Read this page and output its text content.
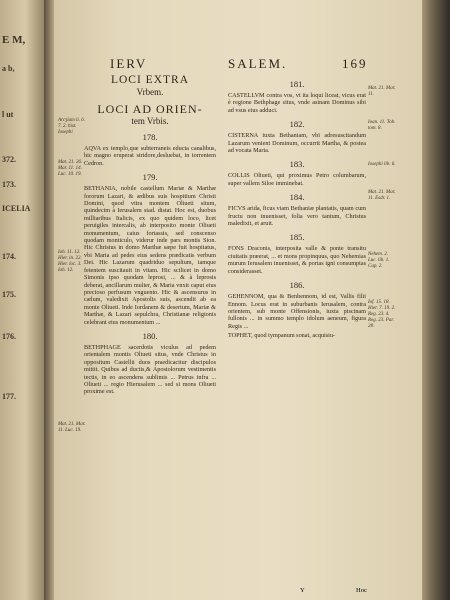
E M,
a b,
l ut
372.
173.
ICELIA
174.
175.
176.
177.
IERV	SALEM.	169
Arcʒiam li. 6. 7. 2. hist. Iosephi
Mat. 21. 26. Mar. 11. 14. Luc. 10. 19.
Ioh. 11. 12. Hier. in. 22. Hier. loc. 3. Ioh. 12.
Mat. 21. Mar. 11. Luc. 19.
Mat. 21. Mar. 11.
Ioan. 11. Tob. tom. 8.
Iosephi lib. 6.
Mat. 21. Mar. 11. Esdr. 1.
Nehem. 2. Luc. lib. 1. Cap. 2.
Iof. 15. 18. Hier. 7. 19. 2. Reg. 23. 4. Reg. 23. Par. 28.

LOCI EXTRA

Vrbem.

LOCI AD ORIEN-

tem Vrbis.

178.

AQVA ex templo,que subterraneis educta canalibus, hic magno eruperat stridore,desluebat, in torrentem Cedron.

179.

BETHANIA, nobile castellum Mariæ & Marthæ fororum Lazari, & ædibus suis hospitium Christi Domini, quod vitra montem Oliueti situm, quindecim à Ierusalem stad. distat. Hoc est, duobus milliaribus Italicis, ex quo quidem loco, licet peruigiles intercalis, ab interposito monte Oliueti monumentum, caius fortassis, sed conscenso quodam monticulo, viderur inde pars montis Sion. Hic Christus in domo Marthæ sæpe fuit hospitatus, vbi Maria ad pedes eius sedens prædicatis verbum Dei. Hic Lazarum quadriduo sepultum, iamque fetentem suscitauit in vitam. Hic scilicet in domo Simonis ipso quodam leprosi, ... & à leprosis deberat, ancillarum mulier, & Maria vnxit caput eius precioso perfusum vnguento. Hic & ascensurus in cælum, valedixit Apostolis suis, ascendit ab ea monte Oliueti. Inde Iordanem & desertum, Mariæ & Marthæ, & Lazari sepulchra, Christianæ religionis celebrant eius monumentum ...

180.

BETHPHAGE sacerdotis viculus ad pedem orientalem montis Oliueti situs, vnde Christus in oppositum Castellū duos praedicacitur discipulos mittit. Quibus ad ductis,& Apostolorum vestimentis tectis, in eo ascendens sublimis ... Petrus infra ... Oliueti ... regio Hierusalem ... sed si mons Oliueti proxime est.

181.

CASTELLVM contra vos, vt ita loqui liceat, vicus erat è regione Bethphage situs, vnde asinam Dominus sibi ad vsus eius adduci.

182.

CISTERNA iuxta Bethaniam, vbi adresuscitandum Lazarum venient Dominum, occurrit Martha, & postea ad vocata Maria.

183.

COLLIS Oliueti, qui proximus Petro columbarum, super vallem Siloe imminebat.

184.

FICVS arida, ficus viam Bethaniæ plantatis, quam cum fructu non inuenisset, folia vero tantum, Christus maledixit, et aruit.

185.

FONS Draconis, interposita valle & ponte transitu ciuitatis præerat, ... et mons propinquus, quo Nehemias murum Ierusalem inuenisset, & portas igni consumptas considerasset.

186.

GEHENNOM, qua & Benhennom, id est, Vallis filii Ennom. Locus erat in suburbanis Ierusalem, contra orientem, sub monte Offensionis, iuxta piscinam fullonis ... in summo templo idolum aeneum, figura Regis ...

TOPHET, quod tympanum sonat, acquisiu-

Y	Hoc
